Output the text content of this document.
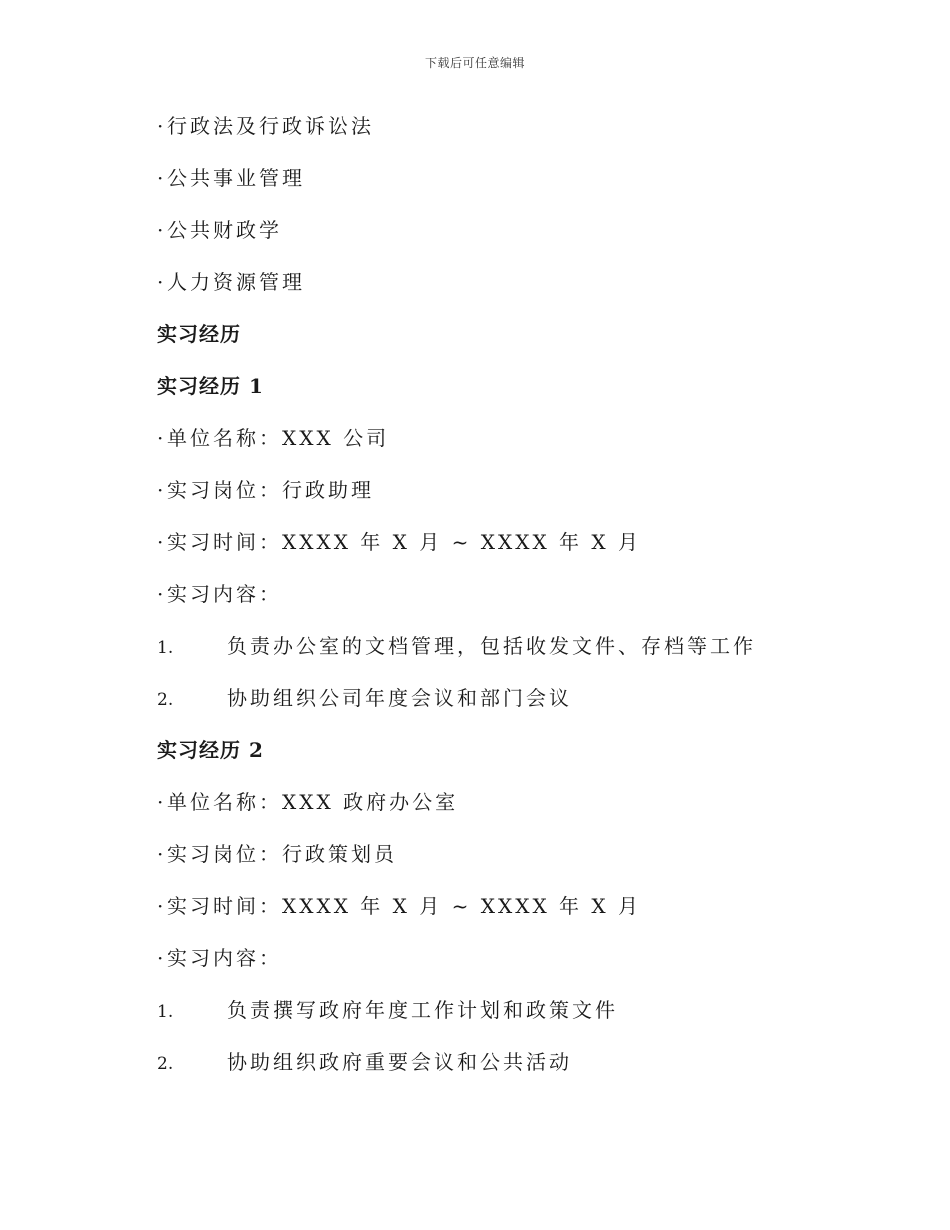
下载后可任意编辑
· 行政法及行政诉讼法
· 公共事业管理
· 公共财政学
· 人力资源管理
实习经历
实习经历 1
· 单位名称：XXX 公司
· 实习岗位：行政助理
· 实习时间：XXXX 年 X 月 ~ XXXX 年 X 月
· 实习内容：
1.	负责办公室的文档管理，包括收发文件、存档等工作
2.	协助组织公司年度会议和部门会议
实习经历 2
· 单位名称：XXX 政府办公室
· 实习岗位：行政策划员
· 实习时间：XXXX 年 X 月 ~ XXXX 年 X 月
· 实习内容：
1.	负责撰写政府年度工作计划和政策文件
2.	协助组织政府重要会议和公共活动
